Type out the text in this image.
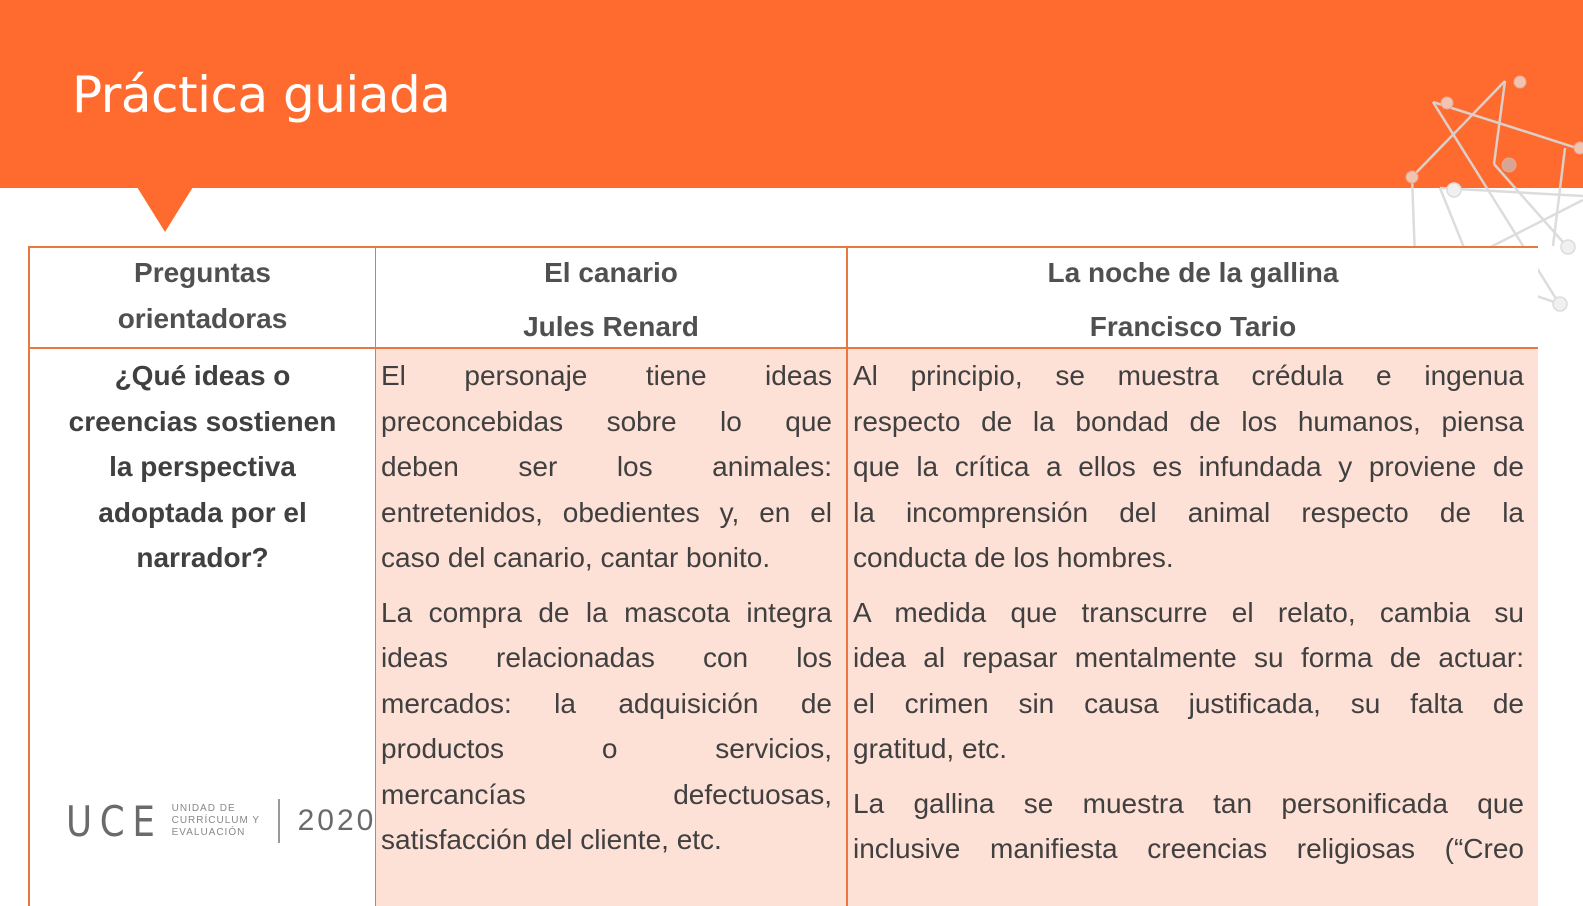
Práctica guiada
Preguntas
orientadoras
¿Qué ideas o
creencias sostienen
la perspectiva
adoptada por el
narrador?
El canario
Jules Renard
El personaje tiene ideas
preconcebidas sobre lo que
deben ser los animales:
entretenidos, obedientes y, en el
caso del canario, cantar bonito.
La compra de la mascota integra
ideas relacionadas con los
mercados: la adquisición de
productos o servicios,
mercancías defectuosas,
satisfacción del cliente, etc.
La noche de la gallina
Francisco Tario
Al principio, se muestra crédula e ingenua
respecto de la bondad de los humanos, piensa
que la crítica a ellos es infundada y proviene de
la incomprensión del animal respecto de la
conducta de los hombres.
A medida que transcurre el relato, cambia su
idea al repasar mentalmente su forma de actuar:
el crimen sin causa justificada, su falta de
gratitud, etc.
La gallina se muestra tan personificada que
inclusive manifiesta creencias religiosas (“Creo
UCE UNIDAD DE
CURRÍCULUM Y
EVALUACIÓN	2020
